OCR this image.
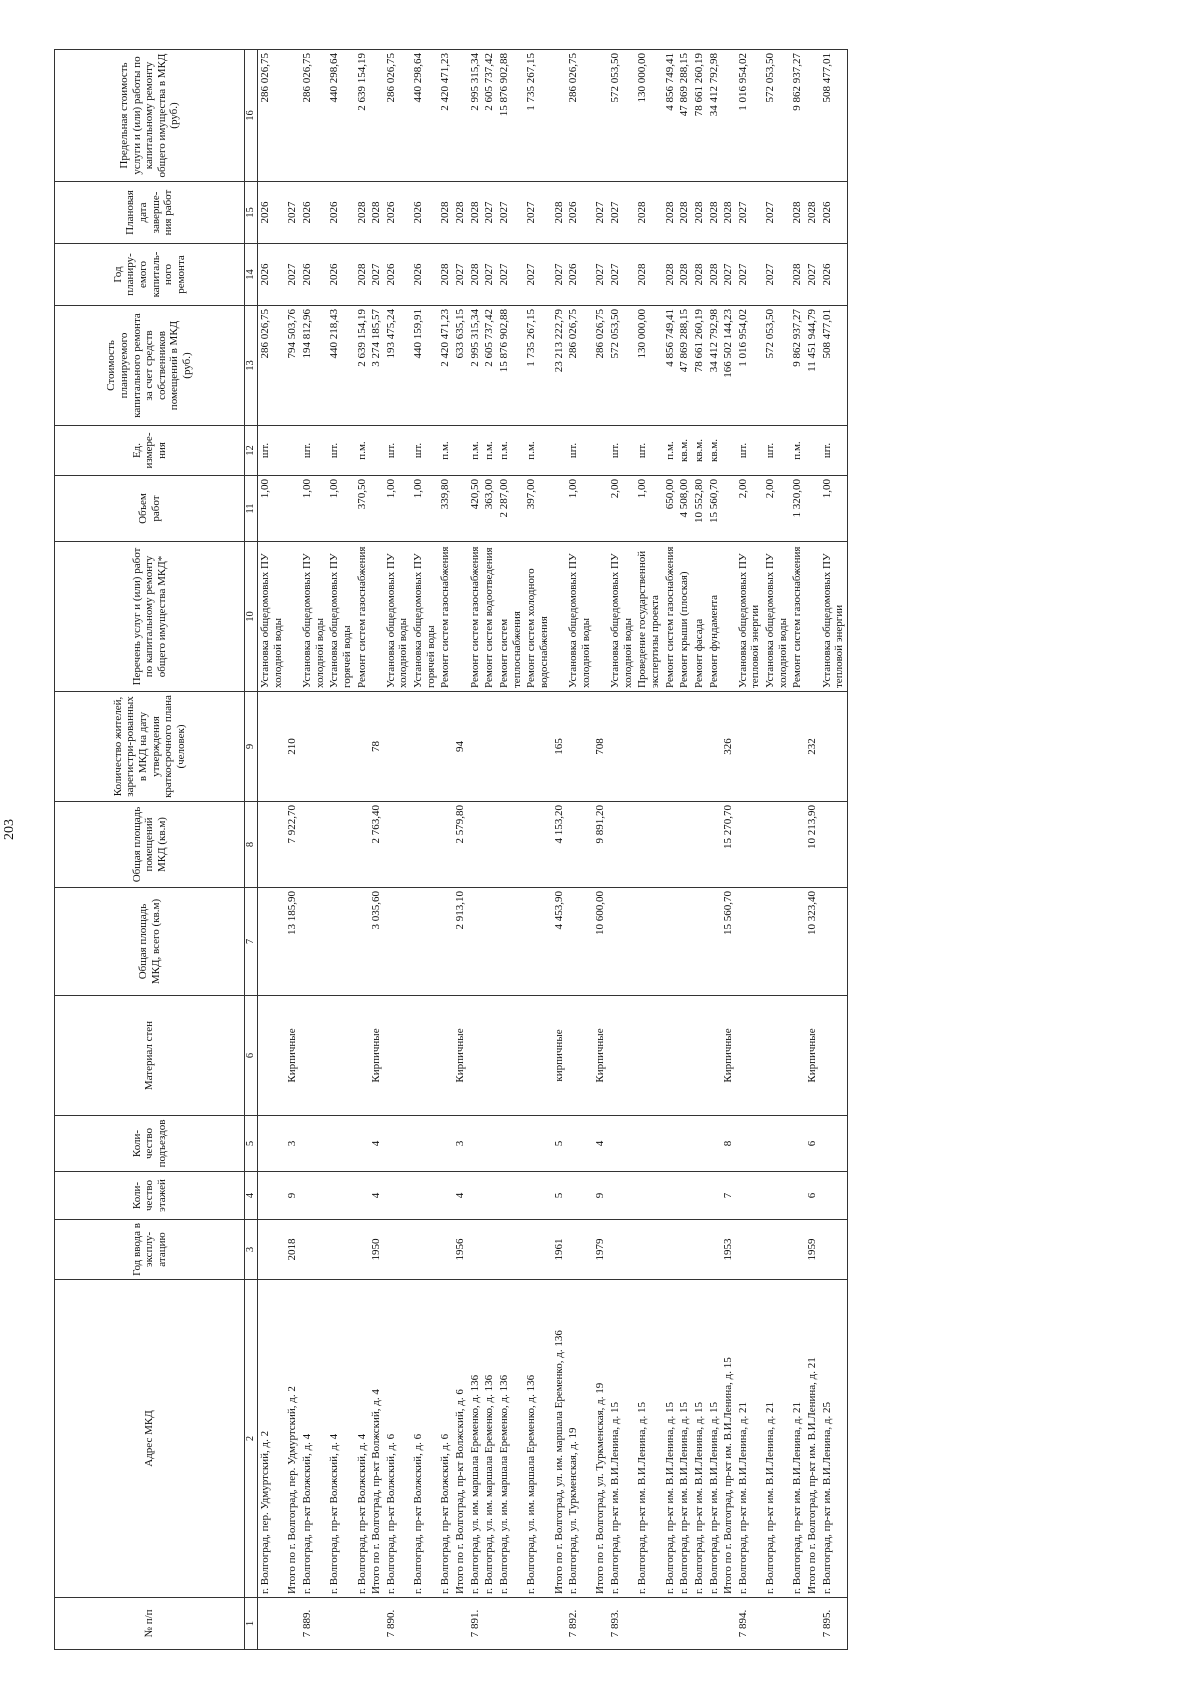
203
№ п/п	Адрес МКД	Год ввода в эксплу-атацию	Коли-чество этажей	Коли-чество подъездов	Материал стен	Общая площадь МКД, всего (кв.м)	Общая площадь помещений МКД (кв.м)	Количество жителей, зарегистри-рованных в МКД на дату утверждения краткосрочного плана (человек)	Перечень услуг и (или) работ по капитальному ремонту общего имущества МКД*	Объем работ	Ед. измере-ния	Стоимость планируемого капитального ремонта за счет средств собственников помещений в МКД (руб.)	Год планиру-емого капиталь-ного ремонта	Плановая дата заверше-ния работ	Предельная стоимость услуги и (или) работы по капитальному ремонту общего имущества в МКД (руб.)
1	2	3	4	5	6	7	8	9	10	11	12	13	14	15	16
	г. Волгоград, пер. Удмуртский, д. 2								Установка общедомовых ПУ холодной воды	1,00	шт.	286 026,75	2026	2026	286 026,75
	Итого по г. Волгоград, пер. Удмуртский, д. 2	2018	9	3	Кирпичные	13 185,90	7 922,70	210				794 503,76	2027	2027	
7 889.	г. Волгоград, пр-кт Волжский, д. 4								Установка общедомовых ПУ холодной воды	1,00	шт.	194 812,96	2026	2026	286 026,75
	г. Волгоград, пр-кт Волжский, д. 4								Установка общедомовых ПУ горячей воды	1,00	шт.	440 218,43	2026	2026	440 298,64
	г. Волгоград, пр-кт Волжский, д. 4								Ремонт систем газоснабжения	370,50	п.м.	2 639 154,19	2028	2028	2 639 154,19
	Итого по г. Волгоград, пр-кт Волжский, д. 4	1950	4	4	Кирпичные	3 035,60	2 763,40	78				3 274 185,57	2027	2028	
7 890.	г. Волгоград, пр-кт Волжский, д. 6								Установка общедомовых ПУ холодной воды	1,00	шт.	193 475,24	2026	2026	286 026,75
	г. Волгоград, пр-кт Волжский, д. 6								Установка общедомовых ПУ горячей воды	1,00	шт.	440 159,91	2026	2026	440 298,64
	г. Волгоград, пр-кт Волжский, д. 6								Ремонт систем газоснабжения	339,80	п.м.	2 420 471,23	2028	2028	2 420 471,23
	Итого по г. Волгоград, пр-кт Волжский, д. 6	1956	4	3	Кирпичные	2 913,10	2 579,80	94				633 635,15	2027	2028	
7 891.	г. Волгоград, ул. им. маршала Еременко, д. 136								Ремонт систем газоснабжения	420,50	п.м.	2 995 315,34	2028	2028	2 995 315,34
	г. Волгоград, ул. им. маршала Еременко, д. 136								Ремонт систем водоотведения	363,00	п.м.	2 605 737,42	2027	2027	2 605 737,42
	г. Волгоград, ул. им. маршала Еременко, д. 136								Ремонт систем теплоснабжения	2 287,00	п.м.	15 876 902,88	2027	2027	15 876 902,88
	г. Волгоград, ул. им. маршала Еременко, д. 136								Ремонт систем холодного водоснабжения	397,00	п.м.	1 735 267,15	2027	2027	1 735 267,15
	Итого по г. Волгоград, ул. им. маршала Еременко, д. 136	1961	5	5	кирпичные	4 453,90	4 153,20	165				23 213 222,79	2027	2028	
7 892.	г. Волгоград, ул. Туркменская, д. 19								Установка общедомовых ПУ холодной воды	1,00	шт.	286 026,75	2026	2026	286 026,75
	Итого по г. Волгоград, ул. Туркменская, д. 19	1979	9	4	Кирпичные	10 600,00	9 891,20	708				286 026,75	2027	2027	
7 893.	г. Волгоград, пр-кт им. В.И.Ленина, д. 15								Установка общедомовых ПУ холодной воды	2,00	шт.	572 053,50	2027	2027	572 053,50
	г. Волгоград, пр-кт им. В.И.Ленина, д. 15								Проведение государственной экспертизы проекта	1,00	шт.	130 000,00	2028	2028	130 000,00
	г. Волгоград, пр-кт им. В.И.Ленина, д. 15								Ремонт систем газоснабжения	650,00	п.м.	4 856 749,41	2028	2028	4 856 749,41
	г. Волгоград, пр-кт им. В.И.Ленина, д. 15								Ремонт крыши (плоская)	4 508,00	кв.м.	47 869 288,15	2028	2028	47 869 288,15
	г. Волгоград, пр-кт им. В.И.Ленина, д. 15								Ремонт фасада	10 552,80	кв.м.	78 661 260,19	2028	2028	78 661 260,19
	г. Волгоград, пр-кт им. В.И.Ленина, д. 15								Ремонт фундамента	15 560,70	кв.м.	34 412 792,98	2028	2028	34 412 792,98
	Итого по г. Волгоград, пр-кт им. В.И.Ленина, д. 15	1953	7	8	Кирпичные	15 560,70	15 270,70	326				166 502 144,23	2027	2028	
7 894.	г. Волгоград, пр-кт им. В.И.Ленина, д. 21								Установка общедомовых ПУ тепловой энергии	2,00	шт.	1 016 954,02	2027	2027	1 016 954,02
	г. Волгоград, пр-кт им. В.И.Ленина, д. 21								Установка общедомовых ПУ холодной воды	2,00	шт.	572 053,50	2027	2027	572 053,50
	г. Волгоград, пр-кт им. В.И.Ленина, д. 21								Ремонт систем газоснабжения	1 320,00	п.м.	9 862 937,27	2028	2028	9 862 937,27
	Итого по г. Волгоград, пр-кт им. В.И.Ленина, д. 21	1959	6	6	Кирпичные	10 323,40	10 213,90	232				11 451 944,79	2027	2028	
7 895.	г. Волгоград, пр-кт им. В.И.Ленина, д. 25								Установка общедомовых ПУ тепловой энергии	1,00	шт.	508 477,01	2026	2026	508 477,01
